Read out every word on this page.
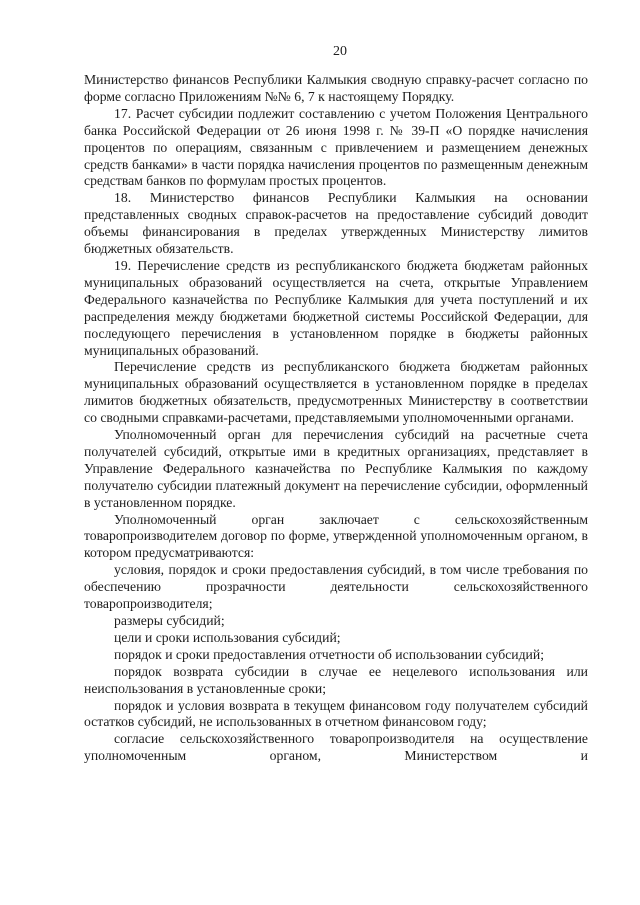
20

Министерство финансов Республики Калмыкия сводную справку-расчет согласно по форме согласно Приложениям №№ 6, 7 к настоящему Порядку.

17. Расчет субсидии подлежит составлению с учетом Положения Центрального банка Российской Федерации от 26 июня 1998 г. № 39-П «О порядке начисления процентов по операциям, связанным с привлечением и размещением денежных средств банками» в части порядка начисления процентов по размещенным денежным средствам банков по формулам простых процентов.

18. Министерство финансов Республики Калмыкия на основании представленных сводных справок-расчетов на предоставление субсидий доводит объемы финансирования в пределах утвержденных Министерству лимитов бюджетных обязательств.

19. Перечисление средств из республиканского бюджета бюджетам районных муниципальных образований осуществляется на счета, открытые Управлением Федерального казначейства по Республике Калмыкия для учета поступлений и их распределения между бюджетами бюджетной системы Российской Федерации, для последующего перечисления в установленном порядке в бюджеты районных муниципальных образований.

Перечисление средств из республиканского бюджета бюджетам районных муниципальных образований осуществляется в установленном порядке в пределах лимитов бюджетных обязательств, предусмотренных Министерству в соответствии со сводными справками-расчетами, представляемыми уполномоченными органами.

Уполномоченный орган для перечисления субсидий на расчетные счета получателей субсидий, открытые ими в кредитных организациях, представляет в Управление Федерального казначейства по Республике Калмыкия по каждому получателю субсидии платежный документ на перечисление субсидии, оформленный в установленном порядке.

Уполномоченный орган заключает с сельскохозяйственным товаропроизводителем договор по форме, утвержденной уполномоченным органом, в котором предусматриваются:

условия, порядок и сроки предоставления субсидий, в том числе требования по обеспечению прозрачности деятельности сельскохозяйственного товаропроизводителя;

размеры субсидий;

цели и сроки использования субсидий;

порядок и сроки предоставления отчетности об использовании субсидий;

порядок возврата субсидии в случае ее нецелевого использования или неиспользования в установленные сроки;

порядок и условия возврата в текущем финансовом году получателем субсидий остатков субсидий, не использованных в отчетном финансовом году;

согласие сельскохозяйственного товаропроизводителя на осуществление уполномоченным органом, Министерством и
